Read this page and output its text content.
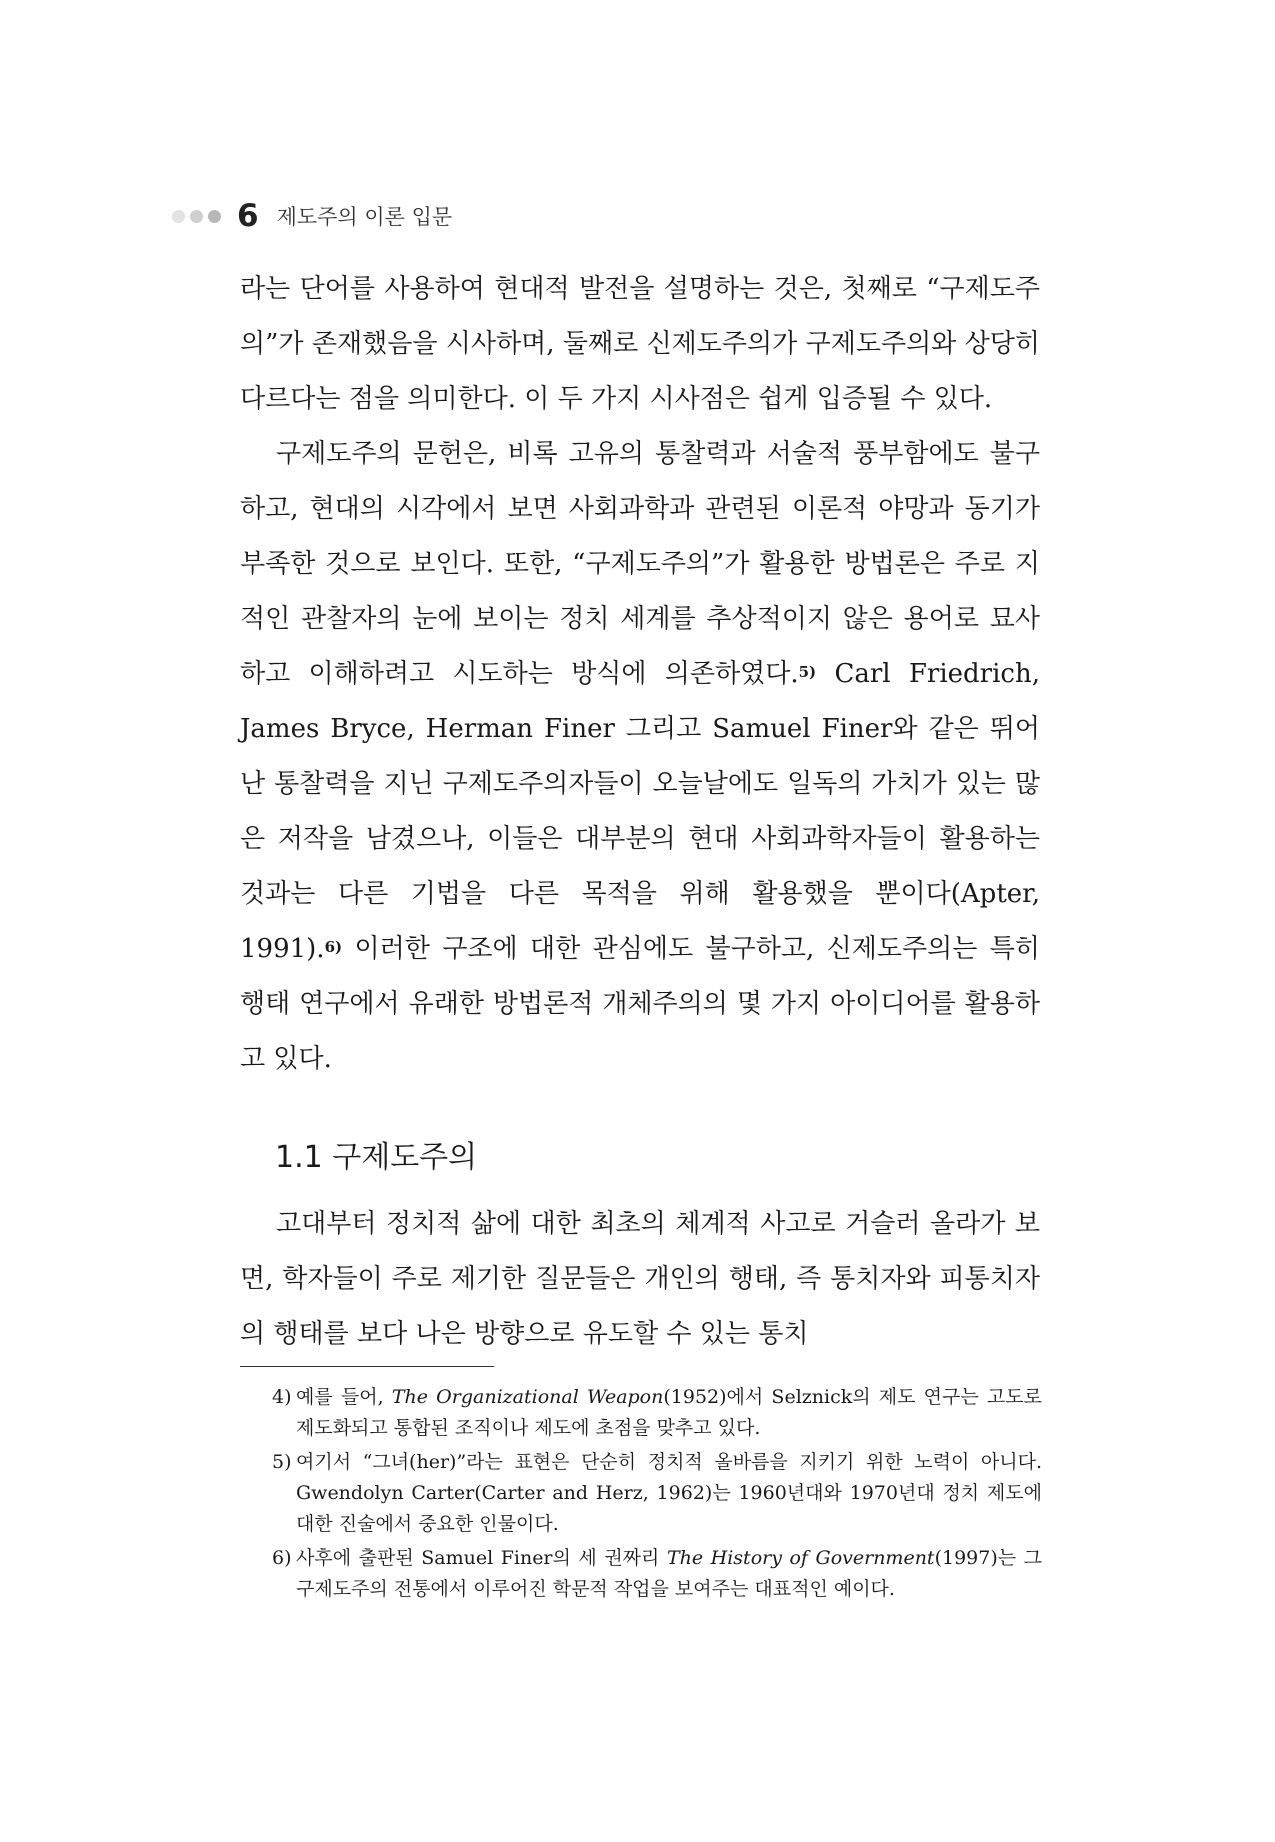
6 제도주의 이론 입문

라는 단어를 사용하여 현대적 발전을 설명하는 것은, 첫째로 “구제도주의”가 존재했음을 시사하며, 둘째로 신제도주의가 구제도주의와 상당히 다르다는 점을 의미한다. 이 두 가지 시사점은 쉽게 입증될 수 있다.

구제도주의 문헌은, 비록 고유의 통찰력과 서술적 풍부함에도 불구하고, 현대의 시각에서 보면 사회과학과 관련된 이론적 야망과 동기가 부족한 것으로 보인다. 또한, “구제도주의”가 활용한 방법론은 주로 지적인 관찰자의 눈에 보이는 정치 세계를 추상적이지 않은 용어로 묘사하고 이해하려고 시도하는 방식에 의존하였다.$^{5)}$ Carl Friedrich, James Bryce, Herman Finer 그리고 Samuel Finer와 같은 뛰어난 통찰력을 지닌 구제도주의자들이 오늘날에도 일독의 가치가 있는 많은 저작을 남겼으나, 이들은 대부분의 현대 사회과학자들이 활용하는 것과는 다른 기법을 다른 목적을 위해 활용했을 뿐이다(Apter, 1991).$^{6)}$ 이러한 구조에 대한 관심에도 불구하고, 신제도주의는 특히 행태 연구에서 유래한 방법론적 개체주의의 몇 가지 아이디어를 활용하고 있다.

1.1 구제도주의

고대부터 정치적 삶에 대한 최초의 체계적 사고로 거슬러 올라가 보면, 학자들이 주로 제기한 질문들은 개인의 행태, 즉 통치자와 피통치자의 행태를 보다 나은 방향으로 유도할 수 있는 통치

4) 예를 들어, The Organizational Weapon(1952)에서 Selznick의 제도 연구는 고도로 제도화되고 통합된 조직이나 제도에 초점을 맞추고 있다.
5) 여기서 “그녀(her)”라는 표현은 단순히 정치적 올바름을 지키기 위한 노력이 아니다. Gwendolyn Carter(Carter and Herz, 1962)는 1960년대와 1970년대 정치 제도에 대한 진술에서 중요한 인물이다.
6) 사후에 출판된 Samuel Finer의 세 권짜리 The History of Government(1997)는 그 구제도주의 전통에서 이루어진 학문적 작업을 보여주는 대표적인 예이다.
